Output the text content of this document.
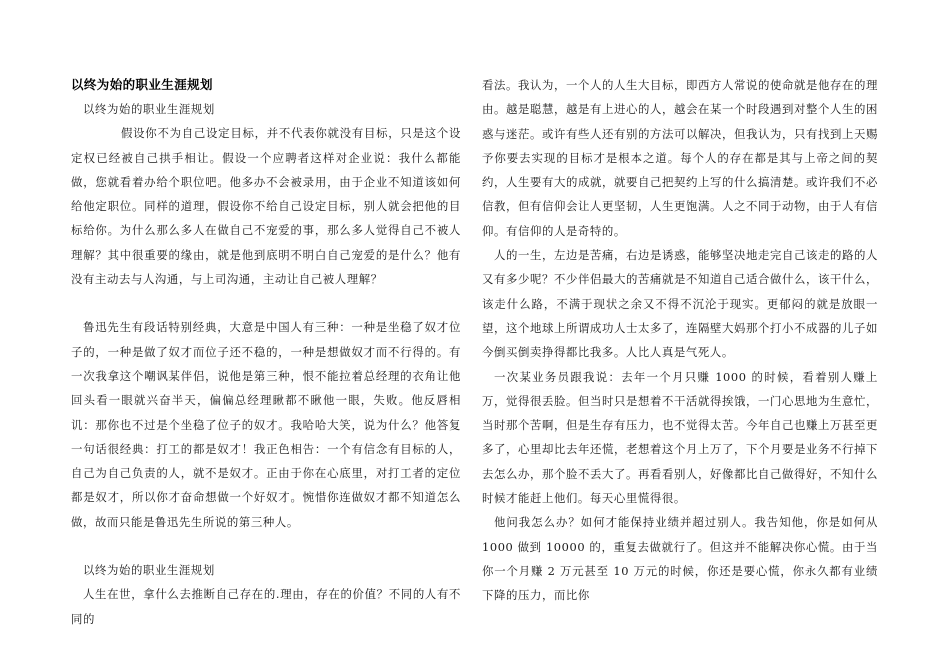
以终为始的职业生涯规划

以终为始的职业生涯规划

假设你不为自己设定目标，并不代表你就没有目标，只是这个设定权已经被自己拱手相让。假设一个应聘者这样对企业说：我什么都能做，您就看着办给个职位吧。他多办不会被录用，由于企业不知道该如何给他定职位。同样的道理，假设你不给自己设定目标，别人就会把他的目标给你。为什么那么多人在做自己不宠爱的事，那么多人觉得自己不被人理解？其中很重要的缘由，就是他到底明不明白自己宠爱的是什么？他有没有主动去与人沟通，与上司沟通，主动让自己被人理解？

鲁迅先生有段话特别经典，大意是中国人有三种：一种是坐稳了奴才位子的，一种是做了奴才而位子还不稳的，一种是想做奴才而不行得的。有一次我拿这个嘲讽某伴侣，说他是第三种，恨不能拉着总经理的衣角让他回头看一眼就兴奋半天，偏偏总经理瞅都不瞅他一眼，失败。他反唇相讥：那你也不过是个坐稳了位子的奴才。我哈哈大笑，说为什么？他答复一句话很经典：打工的都是奴才！我正色相告：一个有信念有目标的人，自己为自己负责的人，就不是奴才。正由于你在心底里，对打工者的定位都是奴才，所以你才奋命想做一个好奴才。惋惜你连做奴才都不知道怎么做，故而只能是鲁迅先生所说的第三种人。

以终为始的职业生涯规划

人生在世，拿什么去推断自己存在的.理由，存在的价值？不同的人有不同的

看法。我认为，一个人的人生大目标，即西方人常说的使命就是他存在的理由。越是聪慧，越是有上进心的人，越会在某一个时段遇到对整个人生的困惑与迷茫。或许有些人还有别的方法可以解决，但我认为，只有找到上天赐予你要去实现的目标才是根本之道。每个人的存在都是其与上帝之间的契约，人生要有大的成就，就要自己把契约上写的什么搞清楚。或许我们不必信教，但有信仰会让人更坚韧，人生更饱满。人之不同于动物，由于人有信仰。有信仰的人是奇特的。

人的一生，左边是苦痛，右边是诱惑，能够坚决地走完自己该走的路的人又有多少呢？不少伴侣最大的苦痛就是不知道自己适合做什么，该干什么，该走什么路，不满于现状之余又不得不沉沦于现实。更郁闷的就是放眼一望，这个地球上所谓成功人士太多了，连隔壁大妈那个打小不成器的儿子如今倒买倒卖挣得都比我多。人比人真是气死人。

一次某业务员跟我说：去年一个月只赚 1000 的时候，看着别人赚上万，觉得很丢脸。但当时只是想着不干活就得挨饿，一门心思地为生意忙，当时那个苦啊，但是生存有压力，也不觉得太苦。今年自己也赚上万甚至更多了，心里却比去年还慌，老想着这个月上万了，下个月要是业务不行掉下去怎么办，那个脸不丢大了。再看看别人，好像都比自己做得好，不知什么时候才能赶上他们。每天心里慌得很。

他问我怎么办？如何才能保持业绩并超过别人。我告知他，你是如何从 1000 做到 10000 的，重复去做就行了。但这并不能解决你心慌。由于当你一个月赚 2 万元甚至 10 万元的时候，你还是要心慌，你永久都有业绩下降的压力，而比你
